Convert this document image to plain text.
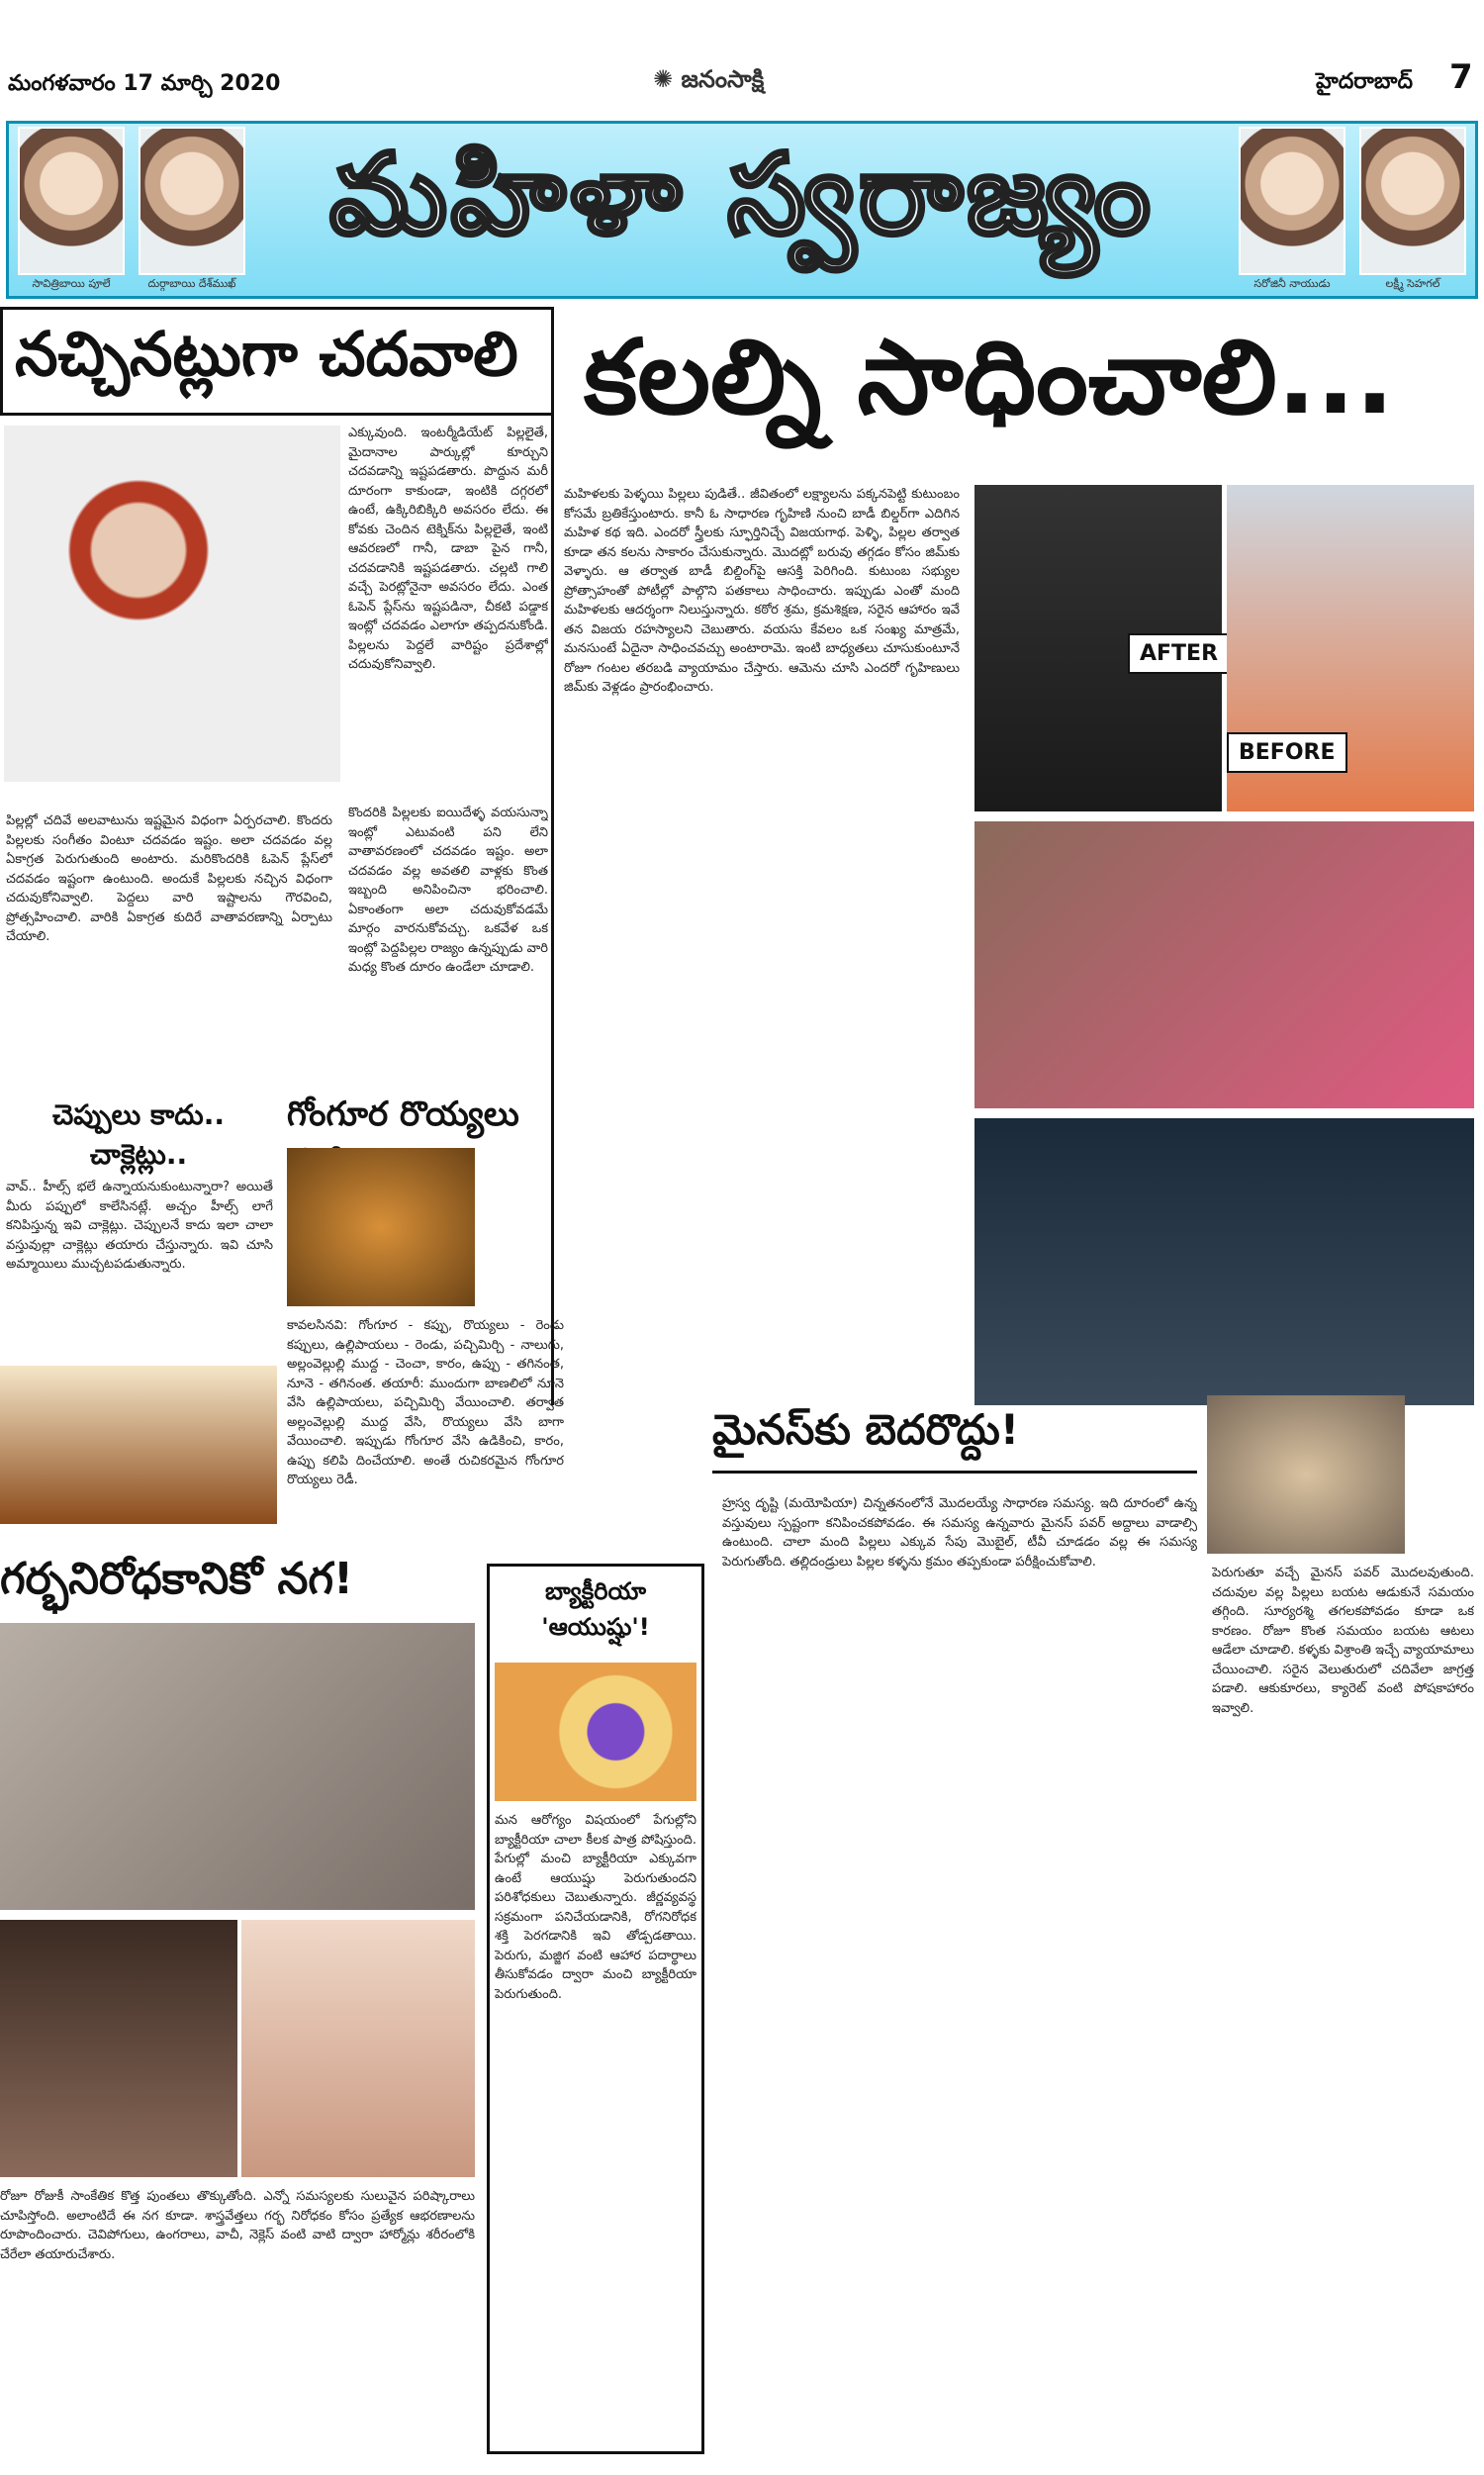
మంగళవారం 17 మార్చి 2020	✺ జనంసాక్షి	హైదరాబాద్ 7
సావిత్రిబాయి పూలే	దుర్గాబాయి దేశ్‌ముఖ్
మహిళా స్వరాజ్యం
సరోజినీ నాయుడు	లక్ష్మీ సెహగల్
నచ్చినట్లుగా చదవాలి
ఎక్కువుంది. ఇంటర్మీడియేట్ పిల్లలైతే, మైదానాల పార్కుల్లో కూర్చుని చదవడాన్ని ఇష్టపడతారు. పొద్దున మరీ దూరంగా కాకుండా, ఇంటికి దగ్గరలో ఉంటే, ఉక్కిరిబిక్కిరి అవసరం లేదు. ఈ కోవకు చెందిన టెక్నిక్‌ను పిల్లలైతే, ఇంటి ఆవరణలో గానీ, డాబా పైన గానీ, చదవడానికి ఇష్టపడతారు. చల్లటి గాలి వచ్చే పెరట్లోనైనా అవసరం లేదు. ఎంత ఓపెన్ ప్లేస్‌ను ఇష్టపడినా, చీకటి పడ్డాక ఇంట్లో చదవడం ఎలాగూ తప్పదనుకోండి. పిల్లలను పెద్దలే వారిష్టం ప్రదేశాల్లో చదువుకోనివ్వాలి.
కొందరికి పిల్లలకు ఐయిదేళ్ళ వయసున్నా ఇంట్లో ఎటువంటి పని లేని వాతావరణంలో చదవడం ఇష్టం. అలా చదవడం వల్ల అవతలి వాళ్లకు కొంత ఇబ్బంది అనిపించినా భరించాలి. ఏకాంతంగా అలా చదువుకోవడమే మార్గం వారనుకోవచ్చు. ఒకవేళ ఒక ఇంట్లో పెద్దపిల్లల రాజ్యం ఉన్నప్పుడు వారి మధ్య కొంత దూరం ఉండేలా చూడాలి.
పిల్లల్లో చదివే అలవాటును ఇష్టమైన విధంగా ఏర్పరచాలి. కొందరు పిల్లలకు సంగీతం వింటూ చదవడం ఇష్టం. అలా చదవడం వల్ల ఏకాగ్రత పెరుగుతుంది అంటారు. మరికొందరికి ఓపెన్ ప్లేస్‌లో చదవడం ఇష్టంగా ఉంటుంది. అందుకే పిల్లలకు నచ్చిన విధంగా చదువుకోనివ్వాలి. పెద్దలు వారి ఇష్టాలను గౌరవించి, ప్రోత్సహించాలి. వారికి ఏకాగ్రత కుదిరే వాతావరణాన్ని ఏర్పాటు చేయాలి.
కలల్ని సాధించాలి...
మహిళలకు పెళ్ళయి పిల్లలు పుడితే.. జీవితంలో లక్ష్యాలను పక్కనపెట్టి కుటుంబం కోసమే బ్రతికేస్తుంటారు. కానీ ఓ సాధారణ గృహిణి నుంచి బాడీ బిల్డర్‌గా ఎదిగిన మహిళ కథ ఇది. ఎందరో స్త్రీలకు స్ఫూర్తినిచ్చే విజయగాథ. పెళ్ళి, పిల్లల తర్వాత కూడా తన కలను సాకారం చేసుకున్నారు. మొదట్లో బరువు తగ్గడం కోసం జిమ్‌కు వెళ్ళారు. ఆ తర్వాత బాడీ బిల్డింగ్‌పై ఆసక్తి పెరిగింది. కుటుంబ సభ్యుల ప్రోత్సాహంతో పోటీల్లో పాల్గొని పతకాలు సాధించారు. ఇప్పుడు ఎంతో మంది మహిళలకు ఆదర్శంగా నిలుస్తున్నారు. కఠోర శ్రమ, క్రమశిక్షణ, సరైన ఆహారం ఇవే తన విజయ రహస్యాలని చెబుతారు. వయసు కేవలం ఒక సంఖ్య మాత్రమే, మనసుంటే ఏదైనా సాధించవచ్చు అంటారామె. ఇంటి బాధ్యతలు చూసుకుంటూనే రోజూ గంటల తరబడి వ్యాయామం చేస్తారు. ఆమెను చూసి ఎందరో గృహిణులు జిమ్‌కు వెళ్లడం ప్రారంభించారు.
AFTER
BEFORE
చెప్పులు కాదు.. చాక్లెట్లు..
వావ్.. హీల్స్ భలే ఉన్నాయనుకుంటున్నారా? అయితే మీరు పప్పులో కాలేసినట్లే. అచ్చం హీల్స్ లాగే కనిపిస్తున్న ఇవి చాక్లెట్లు. చెప్పులనే కాదు ఇలా చాలా వస్తువుల్లా చాక్లెట్లు తయారు చేస్తున్నారు. ఇవి చూసి అమ్మాయిలు ముచ్చటపడుతున్నారు.
గోంగూర రొయ్యలు
కావలసినవి: గోంగూర - కప్పు, రొయ్యలు - రెండు కప్పులు, ఉల్లిపాయలు - రెండు, పచ్చిమిర్చి - నాలుగు, అల్లంవెల్లుల్లి ముద్ద - చెంచా, కారం, ఉప్పు - తగినంత, నూనె - తగినంత. తయారీ: ముందుగా బాణలిలో నూనె వేసి ఉల్లిపాయలు, పచ్చిమిర్చి వేయించాలి. తర్వాత అల్లంవెల్లుల్లి ముద్ద వేసి, రొయ్యలు వేసి బాగా వేయించాలి. ఇప్పుడు గోంగూర వేసి ఉడికించి, కారం, ఉప్పు కలిపి దించేయాలి. అంతే రుచికరమైన గోంగూర రొయ్యలు రెడీ.
గర్భనిరోధకానికో నగ!
రోజూ రోజుకీ సాంకేతిక కొత్త పుంతలు తొక్కుతోంది. ఎన్నో సమస్యలకు సులువైన పరిష్కారాలు చూపిస్తోంది. అలాంటిదే ఈ నగ కూడా. శాస్త్రవేత్తలు గర్భ నిరోధకం కోసం ప్రత్యేక ఆభరణాలను రూపొందించారు. చెవిపోగులు, ఉంగరాలు, వాచీ, నెక్లెస్ వంటి వాటి ద్వారా హార్మోన్లు శరీరంలోకి చేరేలా తయారుచేశారు.
బ్యాక్టీరియా 'ఆయుష్షు'!
మన ఆరోగ్యం విషయంలో పేగుల్లోని బ్యాక్టీరియా చాలా కీలక పాత్ర పోషిస్తుంది. పేగుల్లో మంచి బ్యాక్టీరియా ఎక్కువగా ఉంటే ఆయుష్షు పెరుగుతుందని పరిశోధకులు చెబుతున్నారు. జీర్ణవ్యవస్థ సక్రమంగా పనిచేయడానికి, రోగనిరోధక శక్తి పెరగడానికి ఇవి తోడ్పడతాయి. పెరుగు, మజ్జిగ వంటి ఆహార పదార్థాలు తీసుకోవడం ద్వారా మంచి బ్యాక్టీరియా పెరుగుతుంది.
మైనస్‌కు బెదరొద్దు!
హ్రస్వ దృష్టి (మయోపియా) చిన్నతనంలోనే మొదలయ్యే సాధారణ సమస్య. ఇది దూరంలో ఉన్న వస్తువులు స్పష్టంగా కనిపించకపోవడం. ఈ సమస్య ఉన్నవారు మైనస్ పవర్ అద్దాలు వాడాల్సి ఉంటుంది. చాలా మంది పిల్లలు ఎక్కువ సేపు మొబైల్, టీవీ చూడడం వల్ల ఈ సమస్య పెరుగుతోంది. తల్లిదండ్రులు పిల్లల కళ్ళను క్రమం తప్పకుండా పరీక్షించుకోవాలి.
పెరుగుతూ వచ్చే మైనస్ పవర్ మొదలవుతుంది. చదువుల వల్ల పిల్లలు బయట ఆడుకునే సమయం తగ్గింది. సూర్యరశ్మి తగలకపోవడం కూడా ఒక కారణం. రోజూ కొంత సమయం బయట ఆటలు ఆడేలా చూడాలి. కళ్ళకు విశ్రాంతి ఇచ్చే వ్యాయామాలు చేయించాలి. సరైన వెలుతురులో చదివేలా జాగ్రత్త పడాలి. ఆకుకూరలు, క్యారెట్ వంటి పోషకాహారం ఇవ్వాలి.
